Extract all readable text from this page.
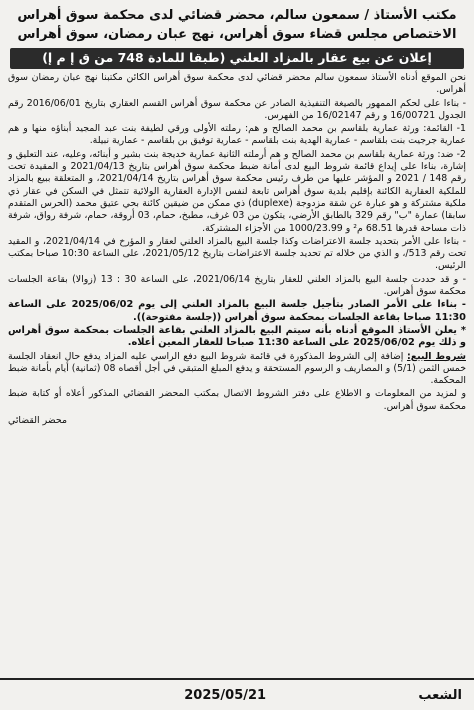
مكتب الأستاذ / سمعون سالم، محضر قضائي لدى محكمة سوق أهراس
الاختصاص مجلس قضاء سوق أهراس، نهج عبان رمضان، سوق أهراس
إعلان عن بيع عقار بالمزاد العلني (طبقا للمادة 748 من ق إ م إ)

نحن الموقع أدناه الأستاذ سمعون سالم محضر قضائي لدى محكمة سوق أهراس الكائن مكتبنا نهج عبان رمضان سوق أهراس.

- بناءا على لحكم الممهور بالصيغة التنفيذية الصادر عن محكمة سوق أهراس القسم العقاري بتاريخ 2016/06/01 رقم الجدول 16/00721 و رقم 16/02147 من الفهرس.

1- القائمة: ورثة عمارية بلقاسم بن محمد الصالح و هم: رملته الأولى ورقي لطيفة بنت عبد المجيد أبناؤه منها و هم عمارية جرجيت بنت بلقاسم - عمارية الهدية بنت بلقاسم - عمارية توفيق بن بلقاسم - عمارية نبيلة.

2- ضد: ورثة عمارية بلقاسم بن محمد الصالح و هم أرملته الثانية عمارية خديجة بنت بشير و أبنائه، وعليه، عند التعليق و إشارة، بناءا على إيداع قائمة شروط البيع لدى أمانة ضبط محكمة سوق أهراس بتاريخ 2021/04/13 و المقيدة تحت رقم 148 / 2021 و المؤشر عليها من طرف رئيس محكمة سوق أهراس بتاريخ 2021/04/14، و المتعلقة ببيع بالمزاد للملكية العقارية الكائنة بإقليم بلدية سوق أهراس تابعة لنفس الإدارة العقارية الولائية تتمثل في السكن في عقار ذي ملكية مشتركة و هو عبارة عن شقة مزدوجة (duplexe) ذي ممكن من ضيقين كائنة بحي عتيق محمد (الحرس المتقدم سابقا) عمارة "ب" رقم 329 بالطابق الأرضي، يتكون من 03 غرف، مطبخ، حمام، 03 أروقة، حمام، شرفة رواق، شرفة ذات مساحة قدرها 68.51 م² و 1000/23.99 من الأجزاء المشتركة.

- بناءا على الأمر بتحديد جلسة الاعتراضات وكذا جلسة البيع بالمزاد العلني لعقار و المؤرخ في 2021/04/14، و المقيد تحت رقم 513/، و الذي من خلاله تم تحديد جلسة الاعتراضات بتاريخ 2021/05/12، على الساعة 10:30 صباحا بمكتب الرئيس.

- و قد حددت جلسة البيع بالمزاد العلني للعقار بتاريخ 2021/06/14، على الساعة 30 : 13 (زوالا) بقاعة الجلسات محكمة سوق أهراس.

- بناءا على الأمر الصادر بتأجيل جلسة البيع بالمزاد العلني إلى يوم 2025/06/02 على الساعة 11:30 صباحا بقاعة الجلسات بمحكمة سوق أهراس ((جلسة مفتوحة)).

* يعلن الأستاذ الموقع أدناه بأنه سيتم البيع بالمزاد العلني بقاعة الجلسات بمحكمة سوق أهراس و ذلك يوم 2025/06/02 على الساعة 11:30 صباحا للعقار المعين أعلاه.

شروط البيع: إضافة إلى الشروط المذكورة في قائمة شروط البيع دفع الراسي عليه المزاد يدفع حال انعقاد الجلسة خمس الثمن (5/1) و المصاريف و الرسوم المستحقة و يدفع المبلغ المتبقي في أجل أقصاه 08 (ثمانية) أيام بأمانة ضبط المحكمة.

و لمزيد من المعلومات و الاطلاع على دفتر الشروط الاتصال بمكتب المحضر القضائي المذكور أعلاه أو كتابة ضبط محكمة سوق أهراس.

محضر القضائي
الشعب
2025/05/21
